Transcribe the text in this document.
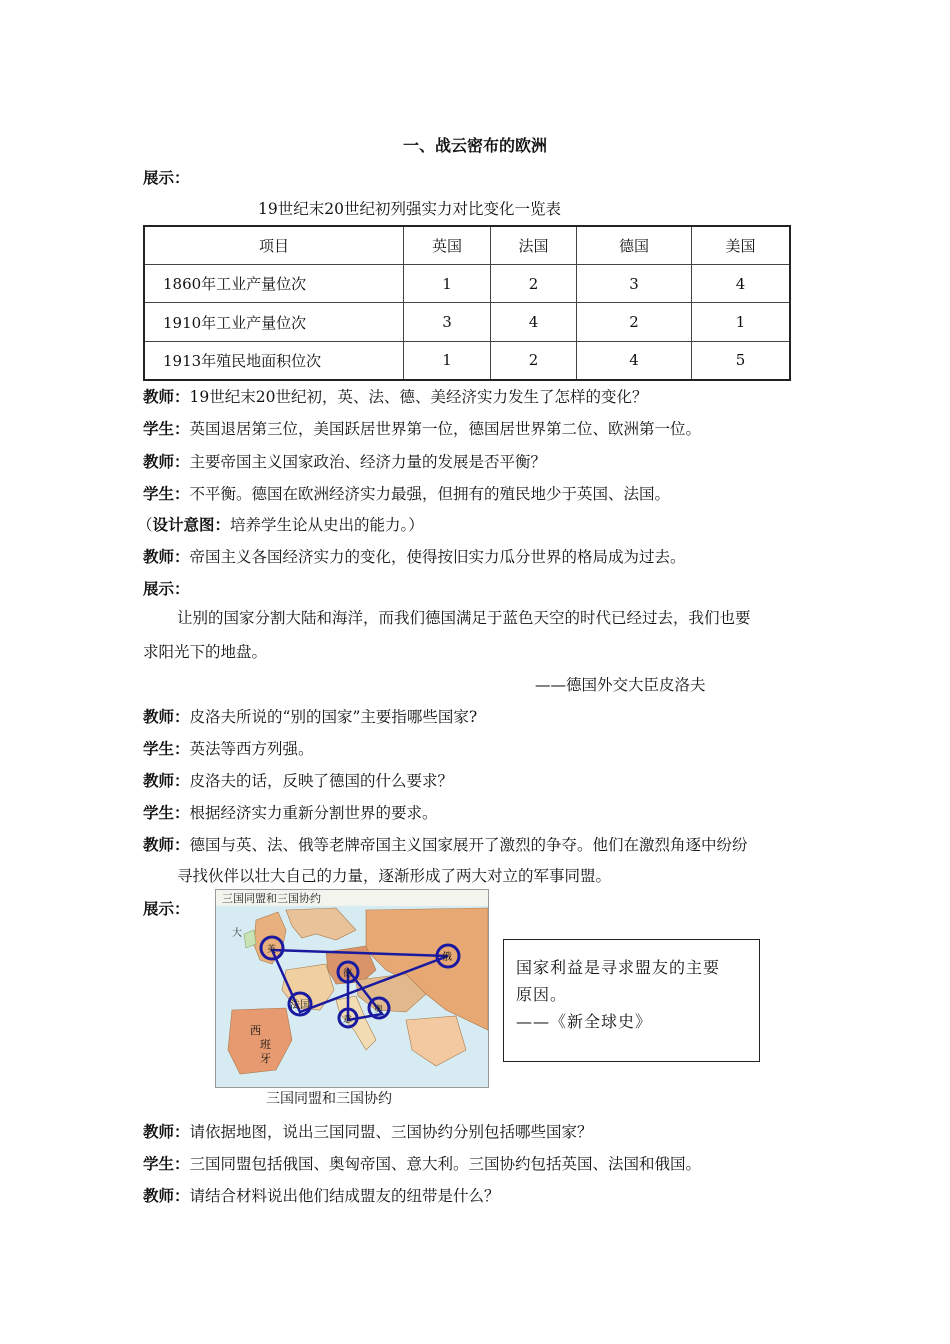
一、战云密布的欧洲
展示：
19世纪末20世纪初列强实力对比变化一览表
项目	英国	法国	德国	美国
1860年工业产量位次	1	2	3	4
1910年工业产量位次	3	4	2	1
1913年殖民地面积位次	1	2	4	5
教师：19世纪末20世纪初，英、法、德、美经济实力发生了怎样的变化？
学生：英国退居第三位，美国跃居世界第一位，德国居世界第二位、欧洲第一位。
教师：主要帝国主义国家政治、经济力量的发展是否平衡？
学生：不平衡。德国在欧洲经济实力最强，但拥有的殖民地少于英国、法国。
（设计意图：培养学生论从史出的能力。）
教师：帝国主义各国经济实力的变化，使得按旧实力瓜分世界的格局成为过去。
展示：
让别的国家分割大陆和海洋，而我们德国满足于蓝色天空的时代已经过去，我们也要
求阳光下的地盘。
——德国外交大臣皮洛夫
教师：皮洛夫所说的“别的国家”主要指哪些国家?
学生：英法等西方列强。
教师：皮洛夫的话，反映了德国的什么要求？
学生：根据经济实力重新分割世界的要求。
教师：德国与英、法、俄等老牌帝国主义国家展开了激烈的争夺。他们在激烈角逐中纷纷
寻找伙伴以壮大自己的力量，逐渐形成了两大对立的军事同盟。
展示：
三国同盟和三国协约
大
英
俄
法国
德
奥
意
西
班
牙
三国同盟和三国协约
国家利益是寻求盟友的主要
原因。
——《新全球史》
教师：请依据地图，说出三国同盟、三国协约分别包括哪些国家？
学生：三国同盟包括俄国、奥匈帝国、意大利。三国协约包括英国、法国和俄国。
教师：请结合材料说出他们结成盟友的纽带是什么？
